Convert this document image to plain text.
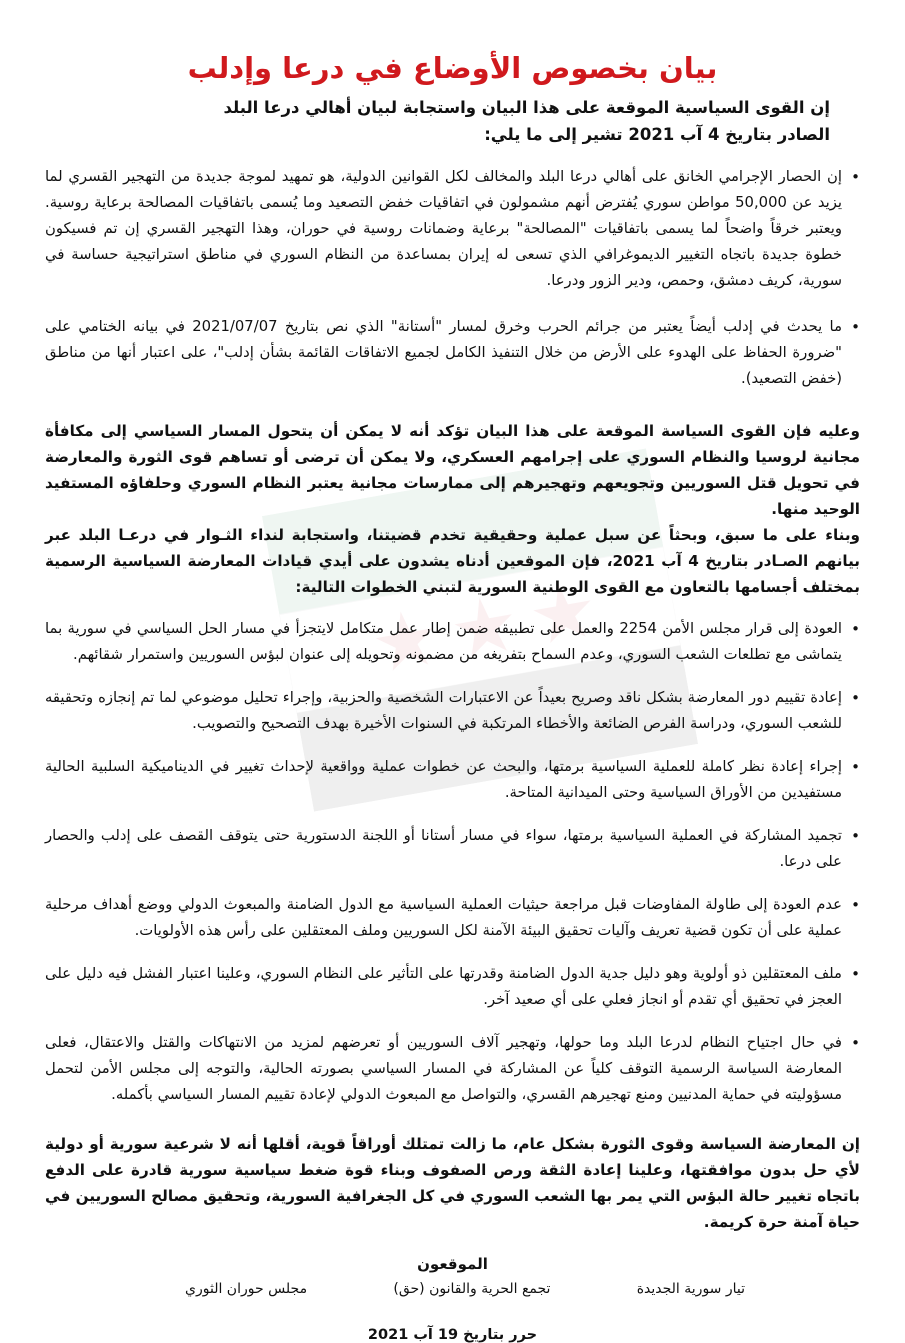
بيان بخصوص الأوضاع في درعا وإدلب
إن القوى السياسية الموقعة على هذا البيان واستجابة لبيان أهالي درعا البلد
الصادر بتاريخ 4 آب 2021 تشير إلى ما يلي:
• إن الحصار الإجرامي الخانق على أهالي درعا البلد والمخالف لكل القوانين الدولية، هو تمهيد لموجة جديدة من التهجير القسري لما يزيد عن 50,000 مواطن سوري يُفترض أنهم مشمولون في اتفاقيات خفض التصعيد وما يُسمى باتفاقيات المصالحة برعاية روسية. ويعتبر خرقاً واضحاً لما يسمى باتفاقيات "المصالحة" برعاية وضمانات روسية في حوران، وهذا التهجير القسري إن تم فسيكون خطوة جديدة باتجاه التغيير الديموغرافي الذي تسعى له إيران بمساعدة من النظام السوري في مناطق استراتيجية حساسة في سورية، كريف دمشق، وحمص، ودير الزور ودرعا.
• ما يحدث في إدلب أيضاً يعتبر من جرائم الحرب وخرق لمسار "أستانة" الذي نص بتاريخ 2021/07/07 في بيانه الختامي على "ضرورة الحفاظ على الهدوء على الأرض من خلال التنفيذ الكامل لجميع الاتفاقات القائمة بشأن إدلب"، على اعتبار أنها من مناطق (خفض التصعيد).

وعليه فإن القوى السياسة الموقعة على هذا البيان تؤكد أنه لا يمكن أن يتحول المسار السياسي إلى مكافأة مجانية لروسيا والنظام السوري على إجرامهم العسكري، ولا يمكن أن ترضى أو تساهم قوى الثورة والمعارضة في تحويل قتل السوريين وتجويعهم وتهجيرهم إلى ممارسات مجانية يعتبر النظام السوري وحلفاؤه المستفيد الوحيد منها.

وبناء على ما سبق، وبحثاً عن سبل عملية وحقيقية تخدم قضيتنا، واستجابة لنداء الثـوار في درعـا البلد عبر بيانهم الصـادر بتاريخ 4 آب 2021، فإن الموقعين أدناه يشدون على أيدي قيادات المعارضة السياسية الرسمية بمختلف أجسامها بالتعاون مع القوى الوطنية السورية لتبني الخطوات التالية:

• العودة إلى قرار مجلس الأمن 2254 والعمل على تطبيقه ضمن إطار عمل متكامل لايتجزأ في مسار الحل السياسي في سورية بما يتماشى مع تطلعات الشعب السوري، وعدم السماح بتفريغه من مضمونه وتحويله إلى عنوان لبؤس السوريين واستمرار شقائهم.
• إعادة تقييم دور المعارضة بشكل ناقد وصريح بعيداً عن الاعتبارات الشخصية والحزبية، وإجراء تحليل موضوعي لما تم إنجازه وتحقيقه للشعب السوري، ودراسة الفرص الضائعة والأخطاء المرتكبة في السنوات الأخيرة بهدف التصحيح والتصويب.
• إجراء إعادة نظر كاملة للعملية السياسية برمتها، والبحث عن خطوات عملية وواقعية لإحداث تغيير في الديناميكية السلبية الحالية مستفيدين من الأوراق السياسية وحتى الميدانية المتاحة.
• تجميد المشاركة في العملية السياسية برمتها، سواء في مسار أستانا أو اللجنة الدستورية حتى يتوقف القصف على إدلب والحصار على درعا.
• عدم العودة إلى طاولة المفاوضات قبل مراجعة حيثيات العملية السياسية مع الدول الضامنة والمبعوث الدولي ووضع أهداف مرحلية عملية على أن تكون قضية تعريف وآليات تحقيق البيئة الآمنة لكل السوريين وملف المعتقلين على رأس هذه الأولويات.
• ملف المعتقلين ذو أولوية وهو دليل جدية الدول الضامنة وقدرتها على التأثير على النظام السوري، وعلينا اعتبار الفشل فيه دليل على العجز في تحقيق أي تقدم أو انجاز فعلي على أي صعيد آخر.
• في حال اجتياح النظام لدرعا البلد وما حولها، وتهجير آلاف السوريين أو تعرضهم لمزيد من الانتهاكات والقتل والاعتقال، فعلى المعارضة السياسة الرسمية التوقف كلياً عن المشاركة في المسار السياسي بصورته الحالية، والتوجه إلى مجلس الأمن لتحمل مسؤوليته في حماية المدنيين ومنع تهجيرهم القسري، والتواصل مع المبعوث الدولي لإعادة تقييم المسار السياسي بأكمله.

إن المعارضة السياسة وقوى الثورة بشكل عام، ما زالت تمتلك أوراقاً قوية، أقلها أنه لا شرعية سورية أو دولية لأي حل بدون موافقتها، وعلينا إعادة الثقة ورص الصفوف وبناء قوة ضغط سياسية سورية قادرة على الدفع باتجاه تغيير حالة البؤس التي يمر بها الشعب السوري في كل الجغرافية السورية، وتحقيق مصالح السوريين في حياة آمنة حرة كريمة.

الموقعون
تيار سورية الجديدة
تجمع الحرية والقانون (حق)
مجلس حوران الثوري
حرر بتاريخ 19 آب 2021
